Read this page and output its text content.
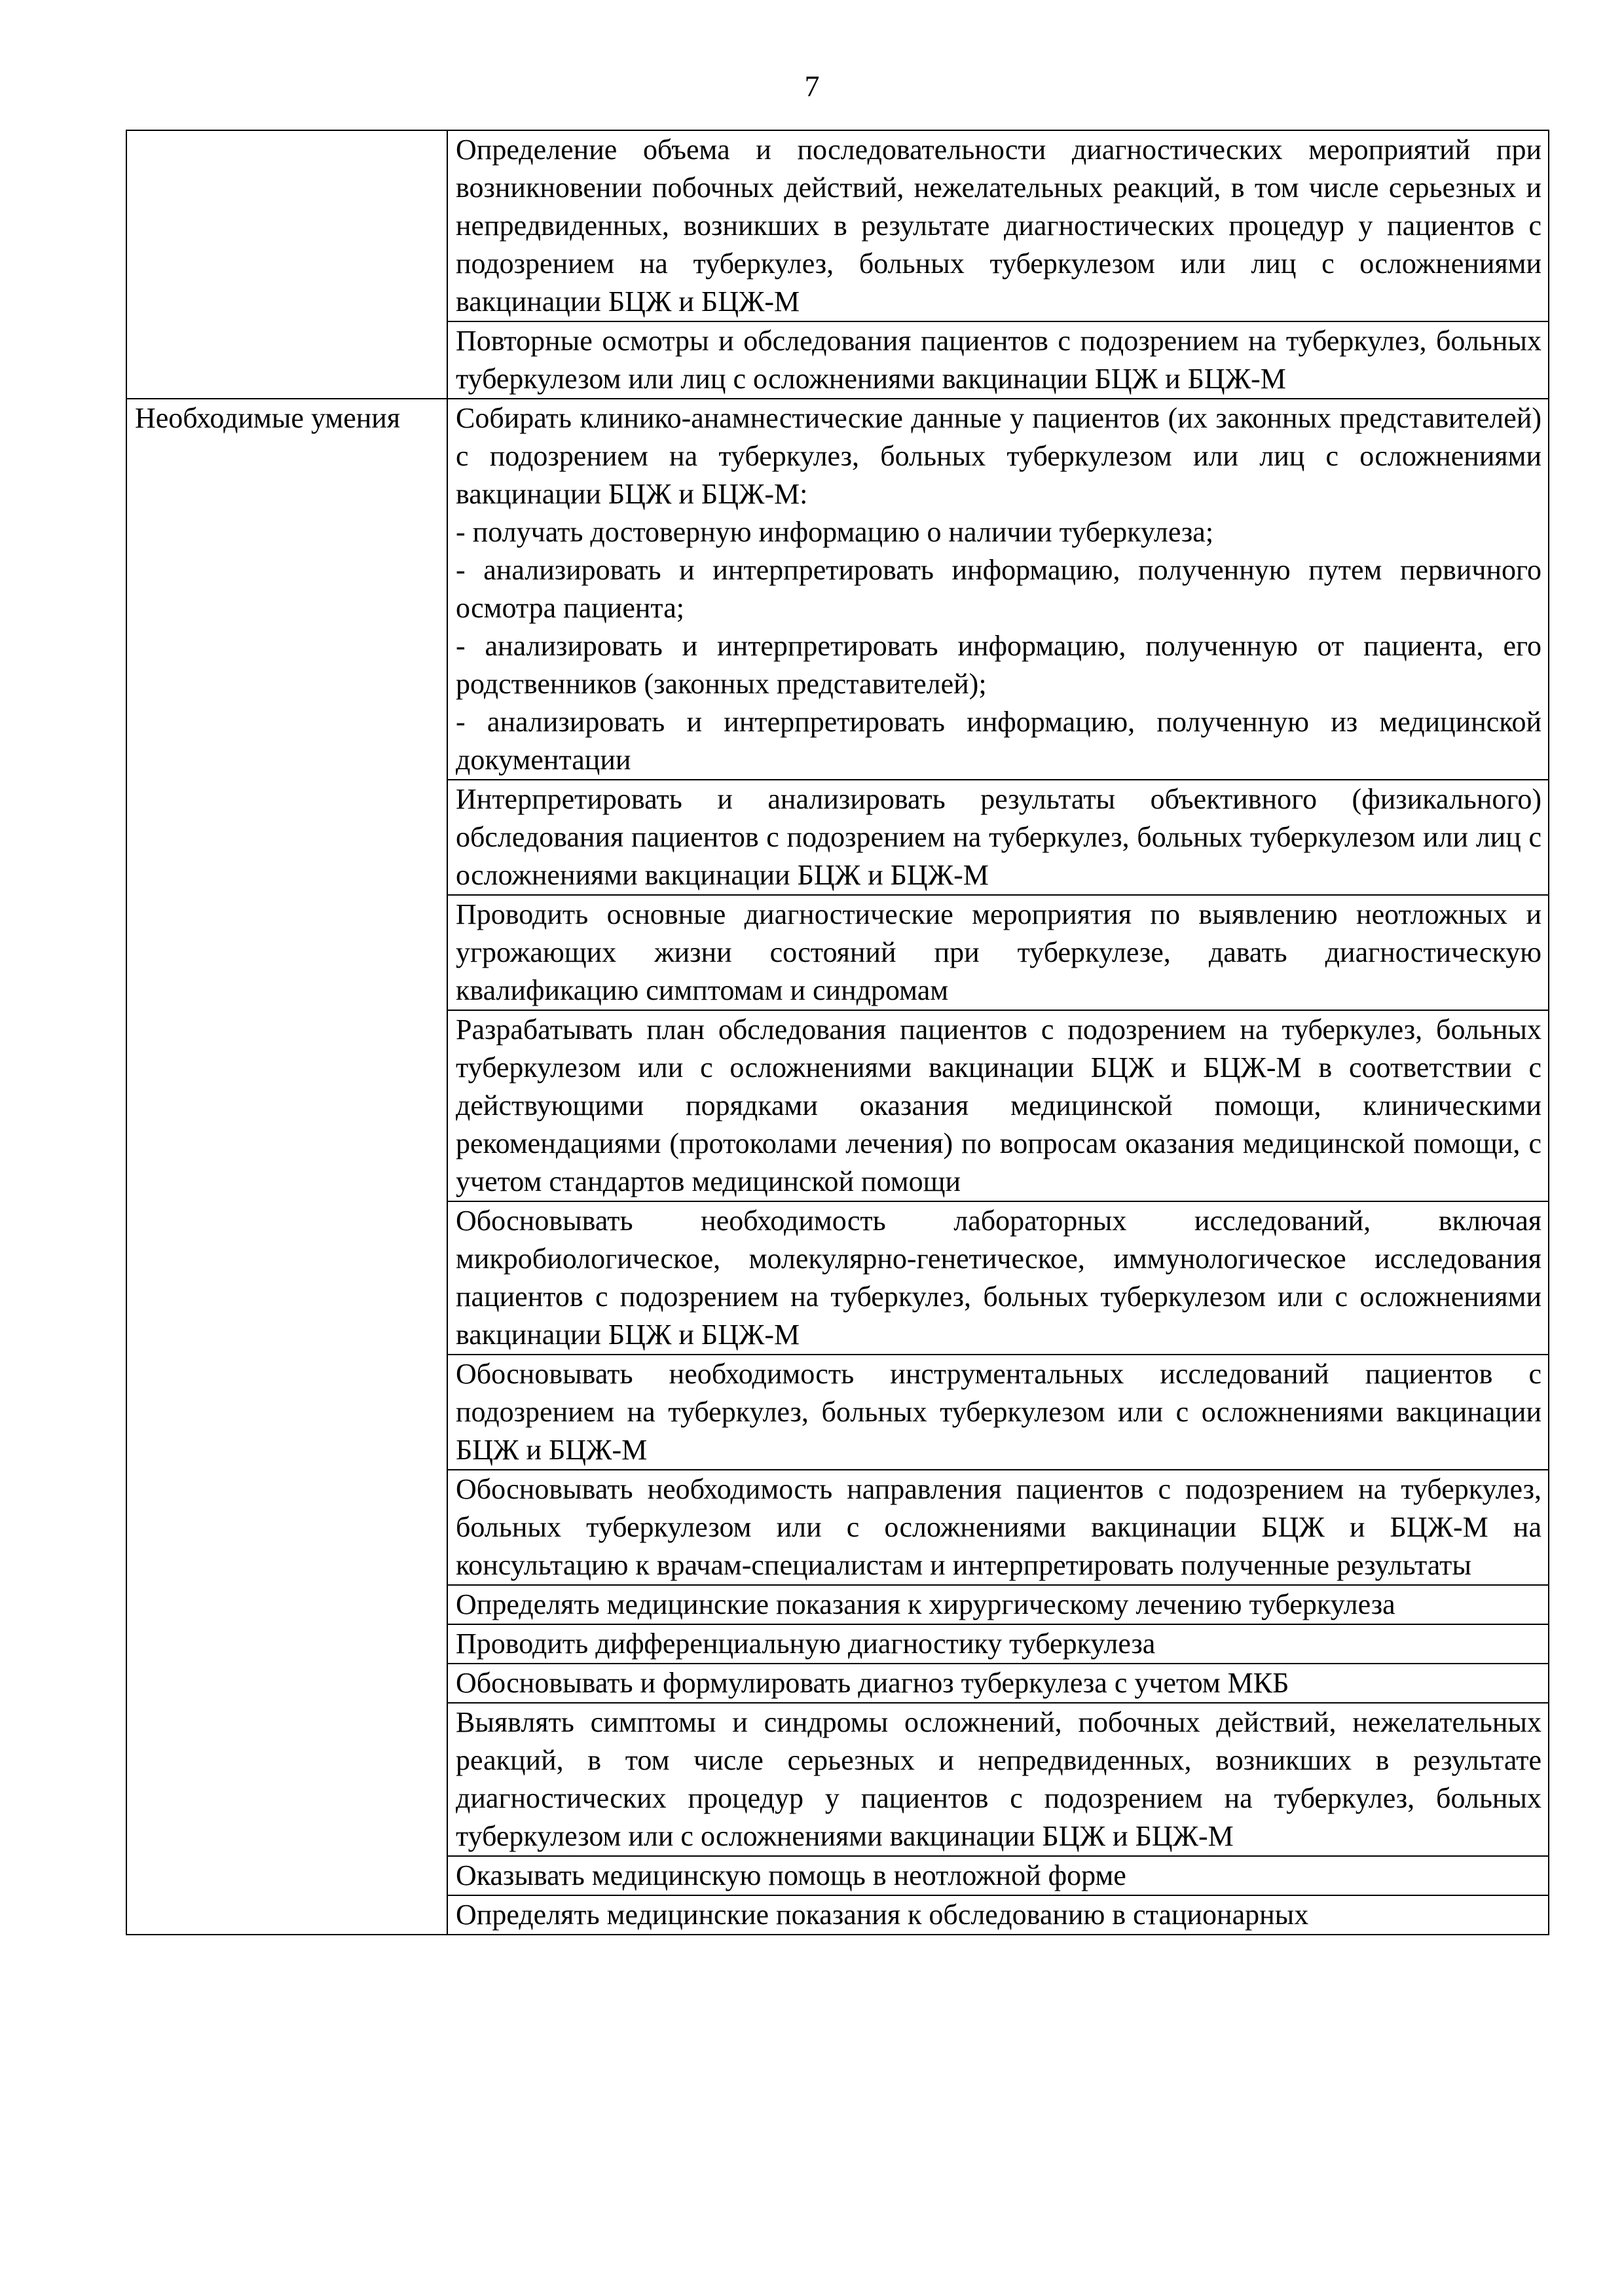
7
	Определение объема и последовательности диагностических мероприятий при возникновении побочных действий, нежелательных реакций, в том числе серьезных и непредвиденных, возникших в результате диагностических процедур у пациентов с подозрением на туберкулез, больных туберкулезом или лиц с осложнениями вакцинации БЦЖ и БЦЖ-М
	Повторные осмотры и обследования пациентов с подозрением на туберкулез, больных туберкулезом или лиц с осложнениями вакцинации БЦЖ и БЦЖ-М
Необходимые умения	Собирать клинико-анамнестические данные у пациентов (их законных представителей) с подозрением на туберкулез, больных туберкулезом или лиц с осложнениями вакцинации БЦЖ и БЦЖ-М:
- получать достоверную информацию о наличии туберкулеза;
- анализировать и интерпретировать информацию, полученную путем первичного осмотра пациента;
- анализировать и интерпретировать информацию, полученную от пациента, его родственников (законных представителей);
- анализировать и интерпретировать информацию, полученную из медицинской документации

	Интерпретировать и анализировать результаты объективного (физикального) обследования пациентов с подозрением на туберкулез, больных туберкулезом или лиц с осложнениями вакцинации БЦЖ и БЦЖ-М
	Проводить основные диагностические мероприятия по выявлению неотложных и угрожающих жизни состояний при туберкулезе, давать диагностическую квалификацию симптомам и синдромам
	Разрабатывать план обследования пациентов с подозрением на туберкулез, больных туберкулезом или с осложнениями вакцинации БЦЖ и БЦЖ-М в соответствии с действующими порядками оказания медицинской помощи, клиническими рекомендациями (протоколами лечения) по вопросам оказания медицинской помощи, с учетом стандартов медицинской помощи
	Обосновывать необходимость лабораторных исследований, включая микробиологическое, молекулярно-генетическое, иммунологическое исследования пациентов с подозрением на туберкулез, больных туберкулезом или с осложнениями вакцинации БЦЖ и БЦЖ-М
	Обосновывать необходимость инструментальных исследований пациентов с подозрением на туберкулез, больных туберкулезом или с осложнениями вакцинации БЦЖ и БЦЖ-М
	Обосновывать необходимость направления пациентов с подозрением на туберкулез, больных туберкулезом или с осложнениями вакцинации БЦЖ и БЦЖ-М на консультацию к врачам-специалистам и интерпретировать полученные результаты
	Определять медицинские показания к хирургическому лечению туберкулеза
	Проводить дифференциальную диагностику туберкулеза
	Обосновывать и формулировать диагноз туберкулеза с учетом МКБ
	Выявлять симптомы и синдромы осложнений, побочных действий, нежелательных реакций, в том числе серьезных и непредвиденных, возникших в результате диагностических процедур у пациентов с подозрением на туберкулез, больных туберкулезом или с осложнениями вакцинации БЦЖ и БЦЖ-М
	Оказывать медицинскую помощь в неотложной форме
	Определять медицинские показания к обследованию в стационарных
